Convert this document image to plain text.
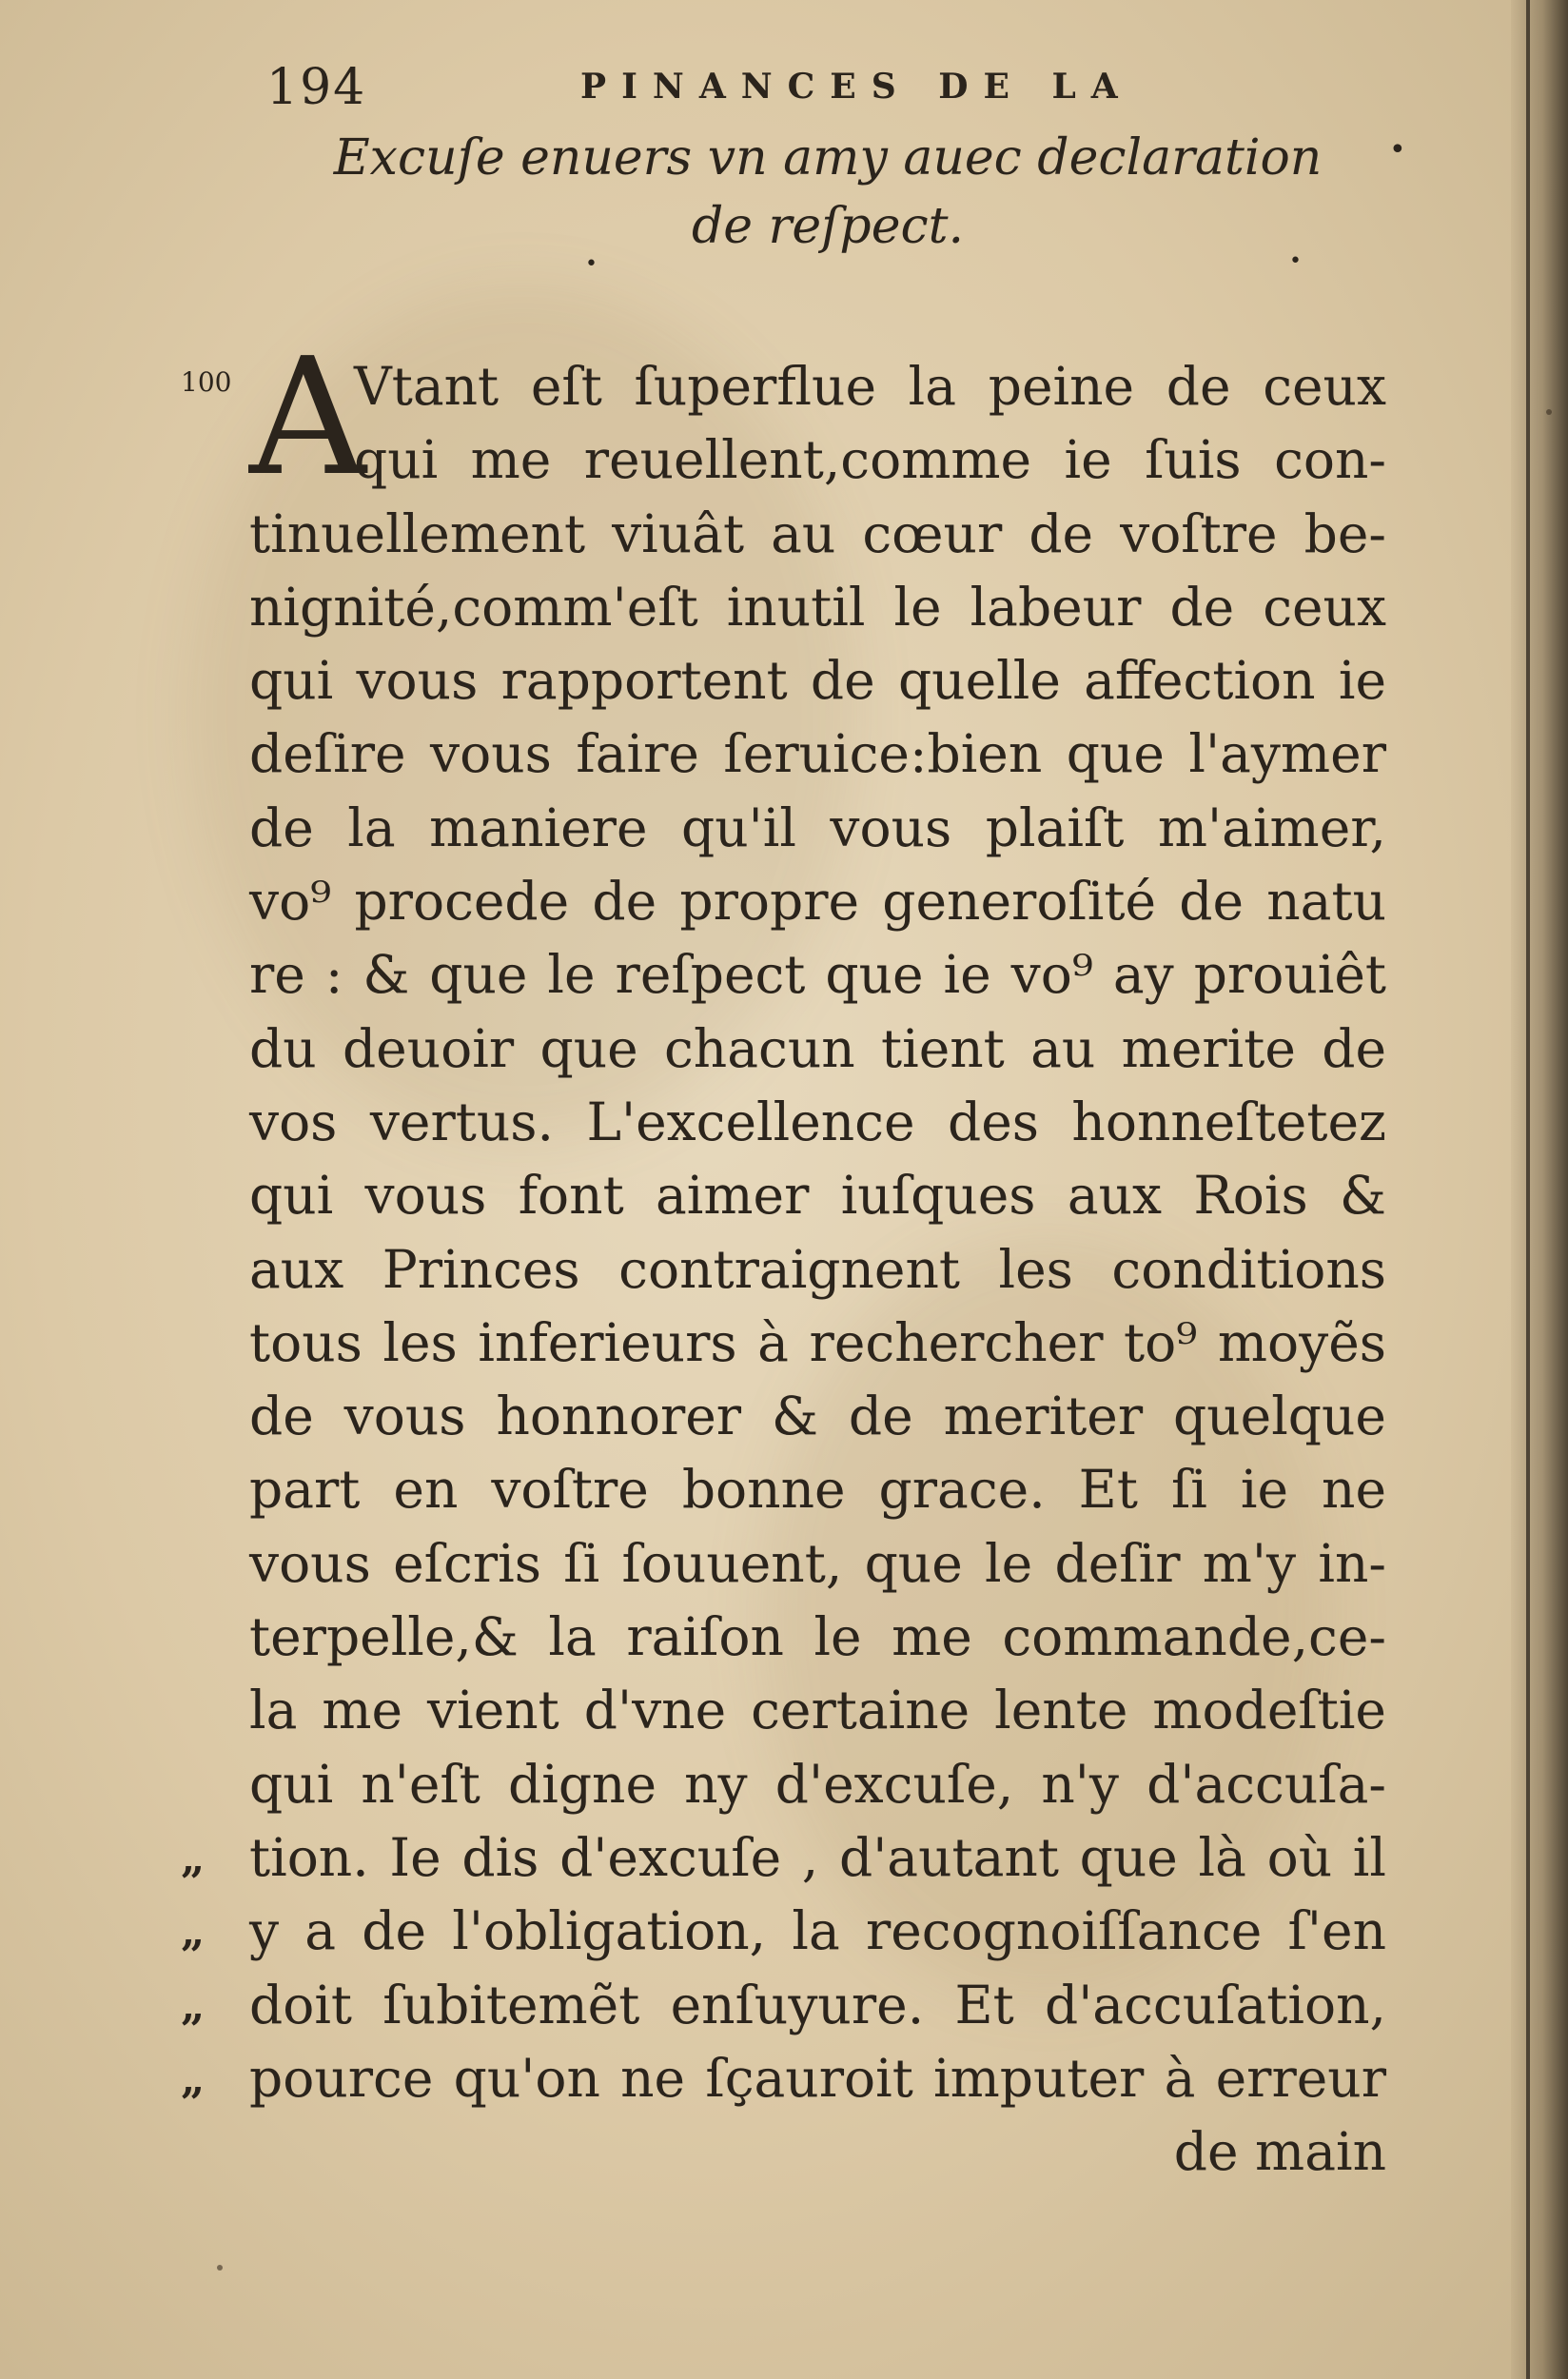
194	PINANCES DE LA
Excuſe enuers vn amy auec declaration
de reſpect.
•
•
•
100 A
Vtant eſt ſuperflue la peine de ceux
qui me reuellent,comme ie ſuis con-
tinuellement viuât au cœur de voſtre be-
nignité,comm'eſt inutil le labeur de ceux
qui vous rapportent de quelle affection ie
deſire vous faire ſeruice:bien que l'aymer
de la maniere qu'il vous plaiſt m'aimer,
vo⁹ procede de propre generoſité de natu
re : & que le reſpect que ie vo⁹ ay prouiêt
du deuoir que chacun tient au merite de
vos vertus. L'excellence des honneſtetez
qui vous font aimer iuſques aux Rois &
aux Princes contraignent les conditions
tous les inferieurs à rechercher to⁹ moyẽs
de vous honnorer & de meriter quelque
part en voſtre bonne grace. Et ſi ie ne
vous eſcris ſi ſouuent, que le deſir m'y in-
terpelle,& la raiſon le me commande,ce-
la me vient d'vne certaine lente modeſtie
qui n'eſt digne ny d'excuſe, n'y d'accuſa-
tion. Ie dis d'excuſe , d'autant que là où il
y a de l'obligation, la recognoiſſance ſ'en
doit ſubitemẽt enſuyure. Et d'accuſation,
pource qu'on ne ſçauroit imputer à erreur
de main
„
„
„
„
